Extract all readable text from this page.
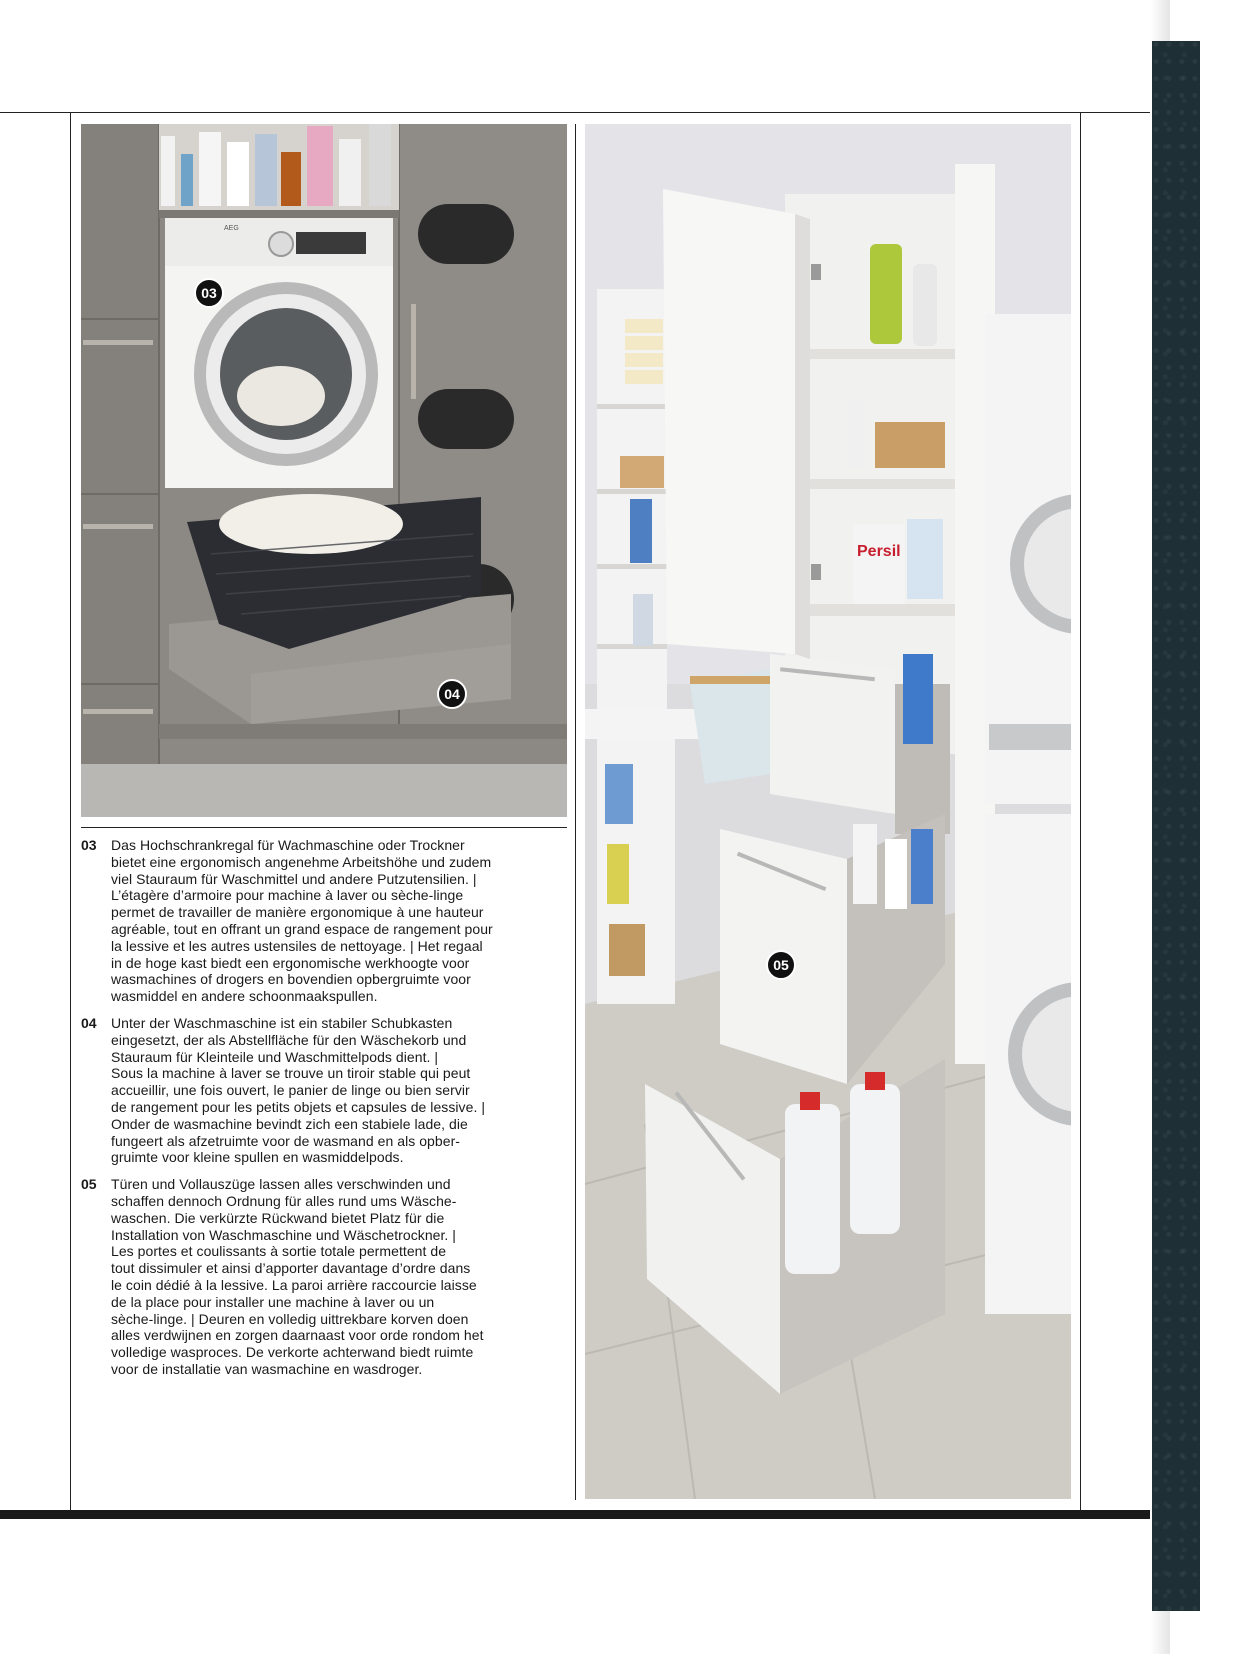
AEG
03
04
Persil
05
03	Das Hochschrankregal für Wachmaschine oder Trockner
bietet eine ergonomisch angenehme Arbeitshöhe und zudem
viel Stauraum für Waschmittel und andere Putzutensilien. |
L’étagère d’armoire pour machine à laver ou sèche-linge
permet de travailler de manière ergonomique à une hauteur
agréable, tout en offrant un grand espace de rangement pour
la lessive et les autres ustensiles de nettoyage. | Het regaal
in de hoge kast biedt een ergonomische werkhoogte voor
wasmachines of drogers en bovendien opbergruimte voor
wasmiddel en andere schoonmaakspullen.
04	Unter der Waschmaschine ist ein stabiler Schubkasten
eingesetzt, der als Abstellfläche für den Wäschekorb und
Stauraum für Kleinteile und Waschmittelpods dient. |
Sous la machine à laver se trouve un tiroir stable qui peut
accueillir, une fois ouvert, le panier de linge ou bien servir
de rangement pour les petits objets et capsules de lessive. |
Onder de wasmachine bevindt zich een stabiele lade, die
fungeert als afzetruimte voor de wasmand en als opber-
gruimte voor kleine spullen en wasmiddelpods.
05	Türen und Vollauszüge lassen alles verschwinden und
schaffen dennoch Ordnung für alles rund ums Wäsche-
waschen. Die verkürzte Rückwand bietet Platz für die
Installation von Waschmaschine und Wäschetrockner. |
Les portes et coulissants à sortie totale permettent de
tout dissimuler et ainsi d’apporter davantage d’ordre dans
le coin dédié à la lessive. La paroi arrière raccourcie laisse
de la place pour installer une machine à laver ou un
sèche-linge. | Deuren en volledig uittrekbare korven doen
alles verdwijnen en zorgen daarnaast voor orde rondom het
volledige wasproces. De verkorte achterwand biedt ruimte
voor de installatie van wasmachine en wasdroger.
